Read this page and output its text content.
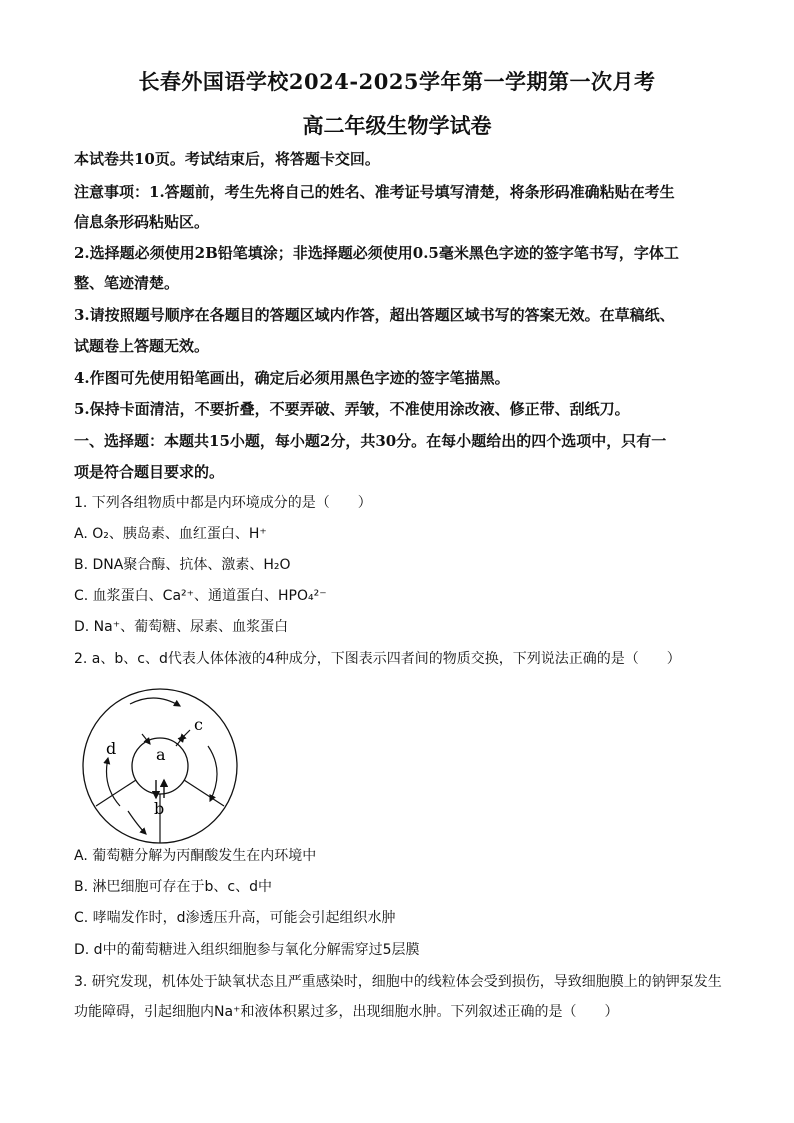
长春外国语学校2024-2025学年第一学期第一次月考
高二年级生物学试卷
本试卷共10页。考试结束后，将答题卡交回。
注意事项：1.答题前，考生先将自己的姓名、准考证号填写清楚，将条形码准确粘贴在考生
信息条形码粘贴区。
2.选择题必须使用2B铅笔填涂；非选择题必须使用0.5毫米黑色字迹的签字笔书写，字体工
整、笔迹清楚。
3.请按照题号顺序在各题目的答题区域内作答，超出答题区域书写的答案无效。在草稿纸、
试题卷上答题无效。
4.作图可先使用铅笔画出，确定后必须用黑色字迹的签字笔描黑。
5.保持卡面清洁，不要折叠，不要弄破、弄皱，不准使用涂改液、修正带、刮纸刀。
一、选择题：本题共15小题，每小题2分，共30分。在每小题给出的四个选项中，只有一
项是符合题目要求的。
1. 下列各组物质中都是内环境成分的是（　　）
A. O₂、胰岛素、血红蛋白、H⁺
B. DNA聚合酶、抗体、激素、H₂O
C. 血浆蛋白、Ca²⁺、通道蛋白、HPO₄²⁻
D. Na⁺、葡萄糖、尿素、血浆蛋白
2. a、b、c、d代表人体体液的4种成分，下图表示四者间的物质交换，下列说法正确的是（　　）
a
b
c
d
A. 葡萄糖分解为丙酮酸发生在内环境中
B. 淋巴细胞可存在于b、c、d中
C. 哮喘发作时，d渗透压升高，可能会引起组织水肿
D. d中的葡萄糖进入组织细胞参与氧化分解需穿过5层膜
3. 研究发现，机体处于缺氧状态且严重感染时，细胞中的线粒体会受到损伤，导致细胞膜上的钠钾泵发生
功能障碍，引起细胞内Na⁺和液体积累过多，出现细胞水肿。下列叙述正确的是（　　）
